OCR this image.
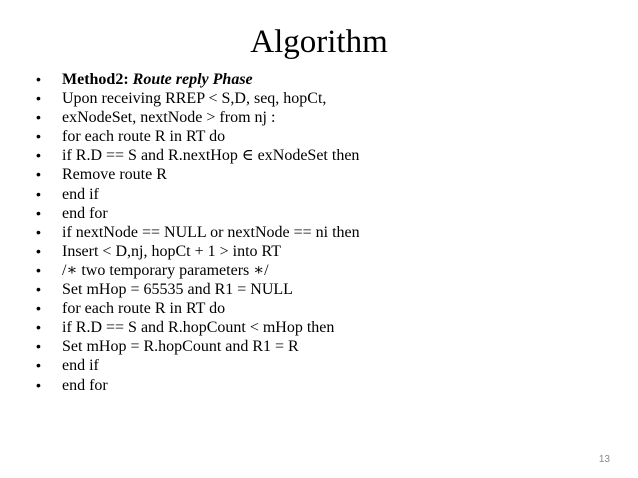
Algorithm
•	Method2: Route reply Phase
•	Upon receiving RREP < S,D, seq, hopCt,
•	exNodeSet, nextNode > from nj :
•	for each route R in RT do
•	if R.D == S and R.nextHop ∈ exNodeSet then
•	Remove route R
•	end if
•	end for
•	if nextNode == NULL or nextNode == ni then
•	Insert < D,nj, hopCt + 1 > into RT
•	/∗ two temporary parameters ∗/
•	Set mHop = 65535 and R1 = NULL
•	for each route R in RT do
•	if R.D == S and R.hopCount < mHop then
•	Set mHop = R.hopCount and R1 = R
•	end if
•	end for
13
